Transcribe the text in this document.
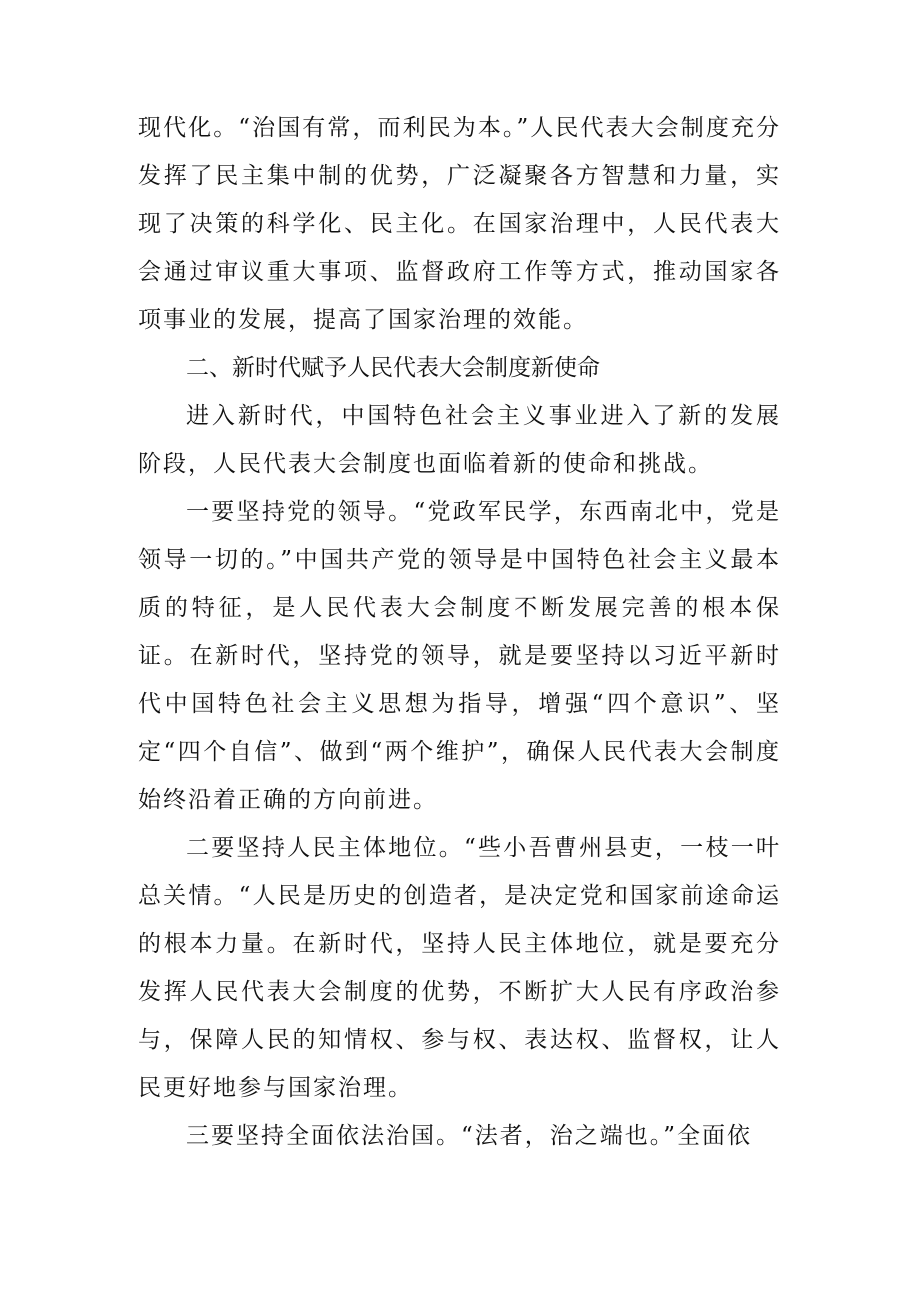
现代化。“治国有常，而利民为本。”人民代表大会制度充分发挥了民主集中制的优势，广泛凝聚各方智慧和力量，实现了决策的科学化、民主化。在国家治理中，人民代表大会通过审议重大事项、监督政府工作等方式，推动国家各项事业的发展，提高了国家治理的效能。

二、新时代赋予人民代表大会制度新使命

进入新时代，中国特色社会主义事业进入了新的发展阶段，人民代表大会制度也面临着新的使命和挑战。

一要坚持党的领导。“党政军民学，东西南北中，党是领导一切的。”中国共产党的领导是中国特色社会主义最本质的特征，是人民代表大会制度不断发展完善的根本保证。在新时代，坚持党的领导，就是要坚持以习近平新时代中国特色社会主义思想为指导，增强“四个意识”、坚定“四个自信”、做到“两个维护”，确保人民代表大会制度始终沿着正确的方向前进。

二要坚持人民主体地位。“些小吾曹州县吏，一枝一叶总关情。“人民是历史的创造者，是决定党和国家前途命运的根本力量。在新时代，坚持人民主体地位，就是要充分发挥人民代表大会制度的优势，不断扩大人民有序政治参与，保障人民的知情权、参与权、表达权、监督权，让人民更好地参与国家治理。

三要坚持全面依法治国。“法者，治之端也。”全面依
